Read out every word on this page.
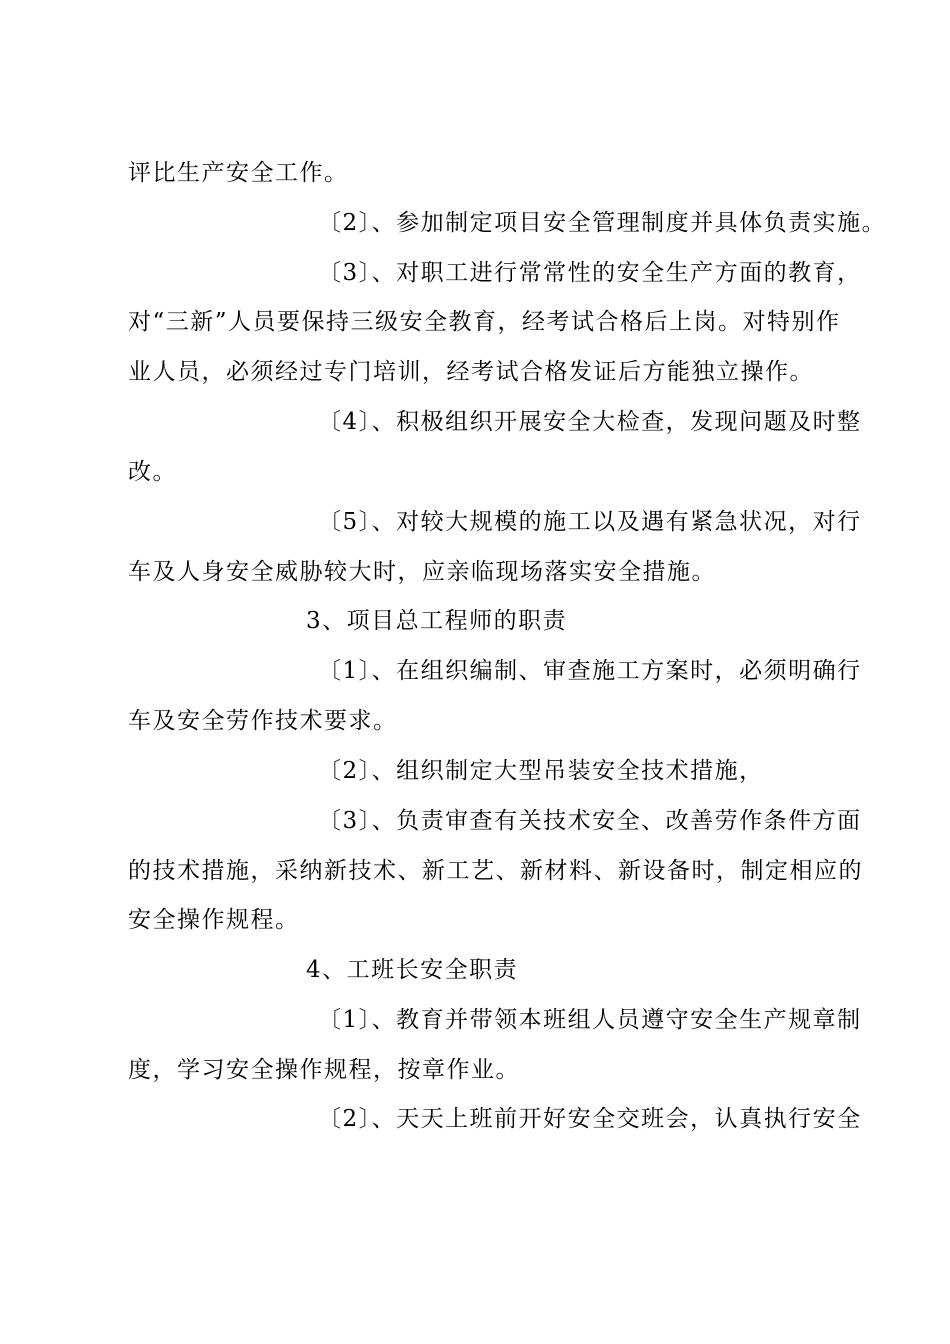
评比生产安全工作。
〔2〕、参加制定项目安全管理制度并具体负责实施。
〔3〕、对职工进行常常性的安全生产方面的教育，
对“三新”人员要保持三级安全教育，经考试合格后上岗。对特别作
业人员，必须经过专门培训，经考试合格发证后方能独立操作。
〔4〕、积极组织开展安全大检查，发现问题及时整
改。
〔5〕、对较大规模的施工以及遇有紧急状况，对行
车及人身安全威胁较大时，应亲临现场落实安全措施。
3、项目总工程师的职责
〔1〕、在组织编制、审查施工方案时，必须明确行
车及安全劳作技术要求。
〔2〕、组织制定大型吊装安全技术措施，
〔3〕、负责审查有关技术安全、改善劳作条件方面
的技术措施，采纳新技术、新工艺、新材料、新设备时，制定相应的
安全操作规程。
4、工班长安全职责
〔1〕、教育并带领本班组人员遵守安全生产规章制
度，学习安全操作规程，按章作业。
〔2〕、天天上班前开好安全交班会，认真执行安全
